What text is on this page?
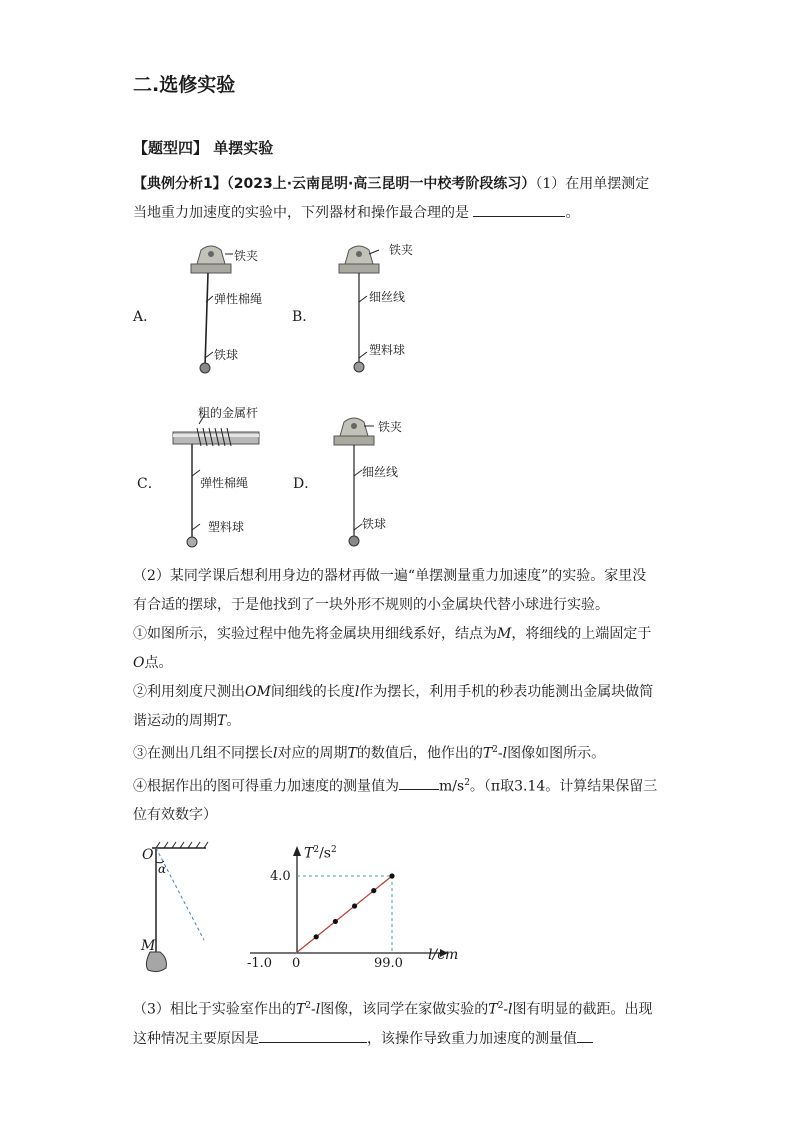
二.选修实验
【题型四】 单摆实验
【典例分析1】（2023上·云南昆明·高三昆明一中校考阶段练习）（1）在用单摆测定
当地重力加速度的实验中，下列器材和操作最合理的是	。
A．	B．
C．	D．
铁夹
弹性棉绳
铁球
铁夹
细丝线
塑料球
粗的金属杆
弹性棉绳
塑料球
铁夹
细丝线
铁球
（2）某同学课后想利用身边的器材再做一遍“单摆测量重力加速度”的实验。家里没
有合适的摆球，于是他找到了一块外形不规则的小金属块代替小球进行实验。
①如图所示，实验过程中他先将金属块用细线系好，结点为M，将细线的上端固定于
O点。
②利用刻度尺测出OM间细线的长度l作为摆长，利用手机的秒表功能测出金属块做简
谐运动的周期T。
③在测出几组不同摆长l对应的周期T的数值后，他作出的$T^2-l$图像如图所示。
④根据作出的图可得重力加速度的测量值为	$m/s^2$。（π取3.14。计算结果保留三
位有效数字）
O
α
M
$T^2/s^2$
4.0
-1.0 0	99.0
l/cm
（3）相比于实验室作出的$T^2-l$图像，该同学在家做实验的$T^2-l$图有明显的截距。出现
这种情况主要原因是	，该操作导致重力加速度的测量值
